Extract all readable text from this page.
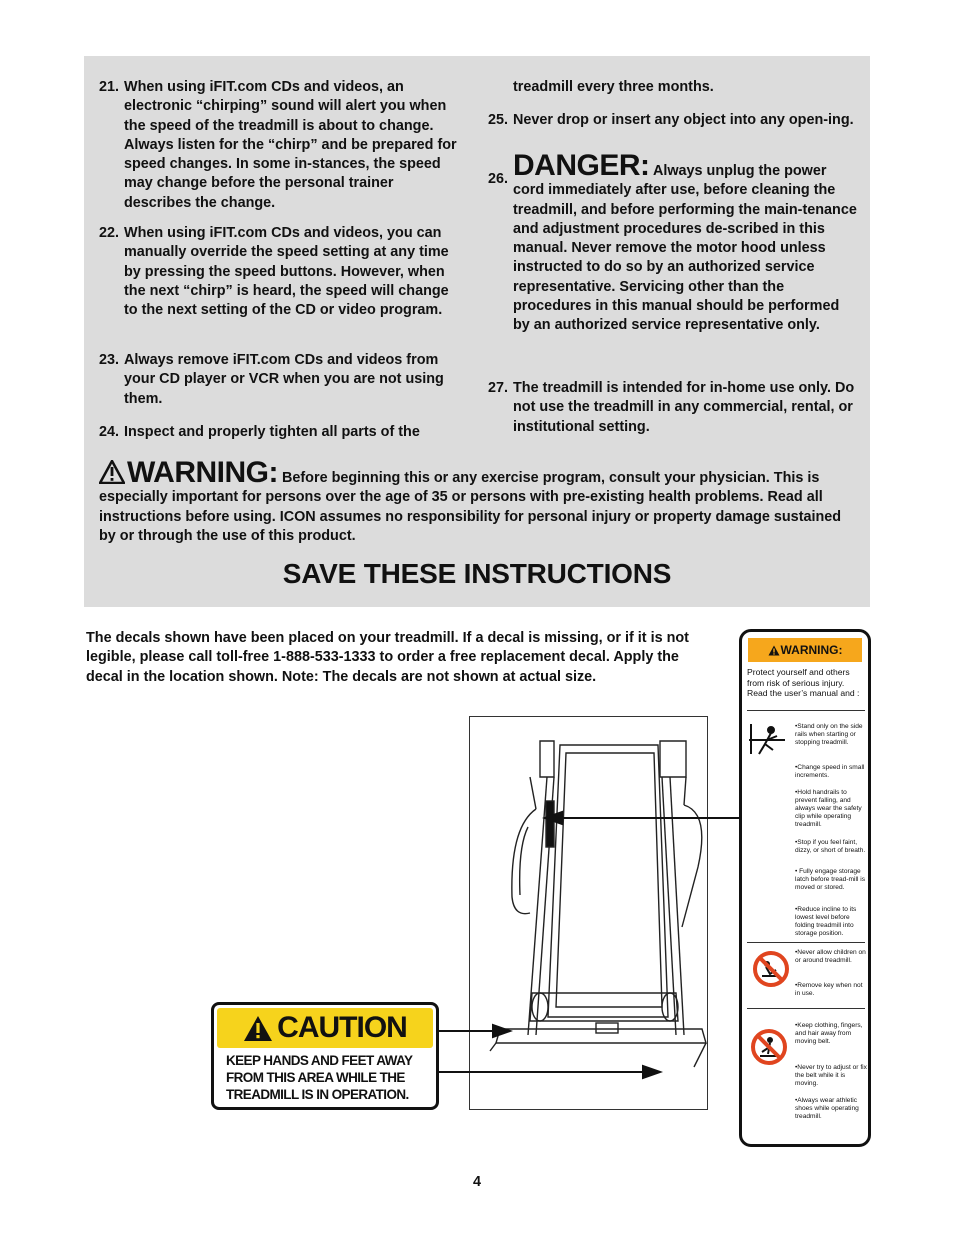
21. When using iFIT.com CDs and videos, an electronic “chirping” sound will alert you when the speed of the treadmill is about to change. Always listen for the “chirp” and be prepared for speed changes. In some in-stances, the speed may change before the personal trainer describes the change.
22. When using iFIT.com CDs and videos, you can manually override the speed setting at any time by pressing the speed buttons. However, when the next “chirp” is heard, the speed will change to the next setting of the CD or video program.
23. Always remove iFIT.com CDs and videos from your CD player or VCR when you are not using them.
24. Inspect and properly tighten all parts of the
treadmill every three months.
25. Never drop or insert any object into any open-ing.
26. DANGER: Always unplug the power cord immediately after use, before cleaning the treadmill, and before performing the main-tenance and adjustment procedures de-scribed in this manual. Never remove the motor hood unless instructed to do so by an authorized service representative. Servicing other than the procedures in this manual should be performed by an authorized service representative only.
27. The treadmill is intended for in-home use only. Do not use the treadmill in any commercial, rental, or institutional setting.
WARNING: Before beginning this or any exercise program, consult your physician. This is especially important for persons over the age of 35 or persons with pre-existing health problems. Read all instructions before using. ICON assumes no responsibility for personal injury or property damage sustained by or through the use of this product.
SAVE THESE INSTRUCTIONS
The decals shown have been placed on your treadmill. If a decal is missing, or if it is not legible, please call toll-free 1-888-533-1333 to order a free replacement decal. Apply the decal in the location shown. Note: The decals are not shown at actual size.
CAUTION
KEEP HANDS AND FEET AWAY FROM THIS AREA WHILE THE TREADMILL IS IN OPERATION.
WARNING:
Protect yourself and others from risk of serious injury. Read the user’s manual and :
•Stand only on the side rails when starting or stopping treadmill.
•Change speed in small increments.
•Hold handrails to prevent falling, and always wear the safety clip while operating treadmill.
•Stop if you feel faint, dizzy, or short of breath.
• Fully engage storage latch before tread-mill is moved or stored.
•Reduce incline to its lowest level before folding treadmill into storage position.
•Never allow children on or around treadmill.
•Remove key when not in use.
•Keep clothing, fingers, and hair away from moving belt.
•Never try to adjust or fix the belt while it is moving.
•Always wear athletic shoes while operating treadmill.
4
